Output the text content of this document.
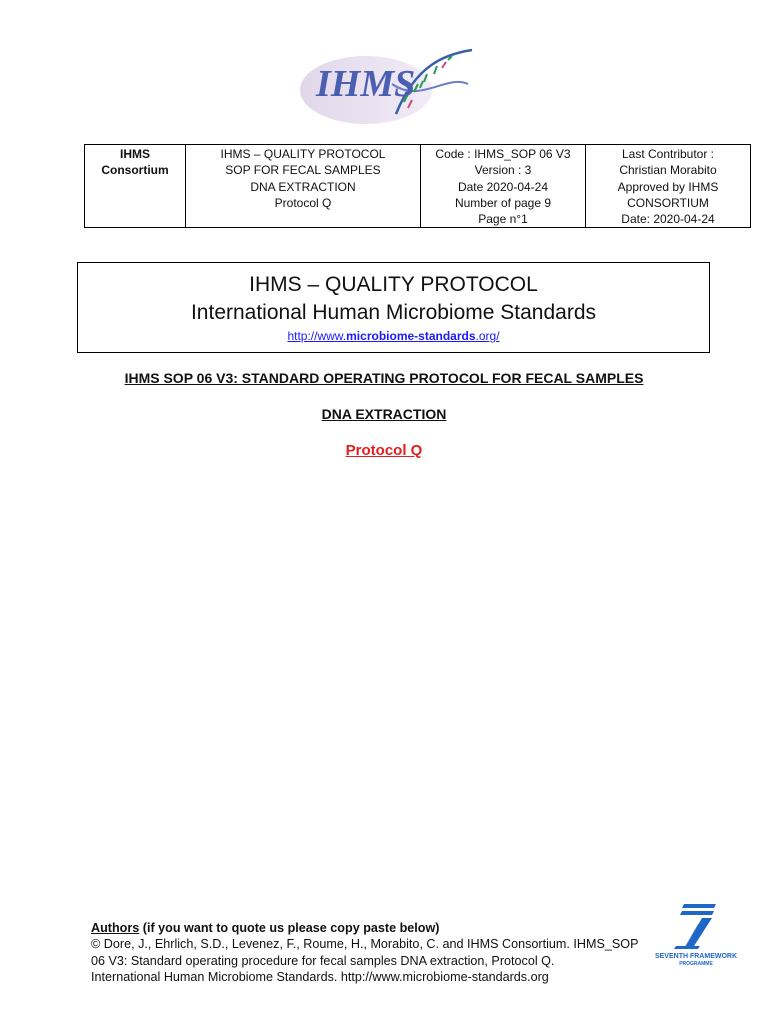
IHMS
IHMS
Consortium

IHMS – QUALITY PROTOCOL
SOP FOR FECAL SAMPLES
DNA EXTRACTION
Protocol Q

Code : IHMS_SOP 06 V3
Version : 3
Date 2020-04-24
Number of page 9
Page n°1

Last Contributor :
Christian Morabito
Approved by IHMS
CONSORTIUM
Date: 2020-04-24
IHMS – QUALITY PROTOCOL
International Human Microbiome Standards
http://www.microbiome-standards.org/
IHMS SOP 06 V3: STANDARD OPERATING PROTOCOL FOR FECAL SAMPLES
DNA EXTRACTION
Protocol Q
Authors (if you want to quote us please copy paste below)
© Dore, J., Ehrlich, S.D., Levenez, F., Roume, H., Morabito, C. and IHMS Consortium. IHMS_SOP
06 V3: Standard operating procedure for fecal samples DNA extraction, Protocol Q.
International Human Microbiome Standards. http://www.microbiome-standards.org
SEVENTH FRAMEWORK
PROGRAMME
